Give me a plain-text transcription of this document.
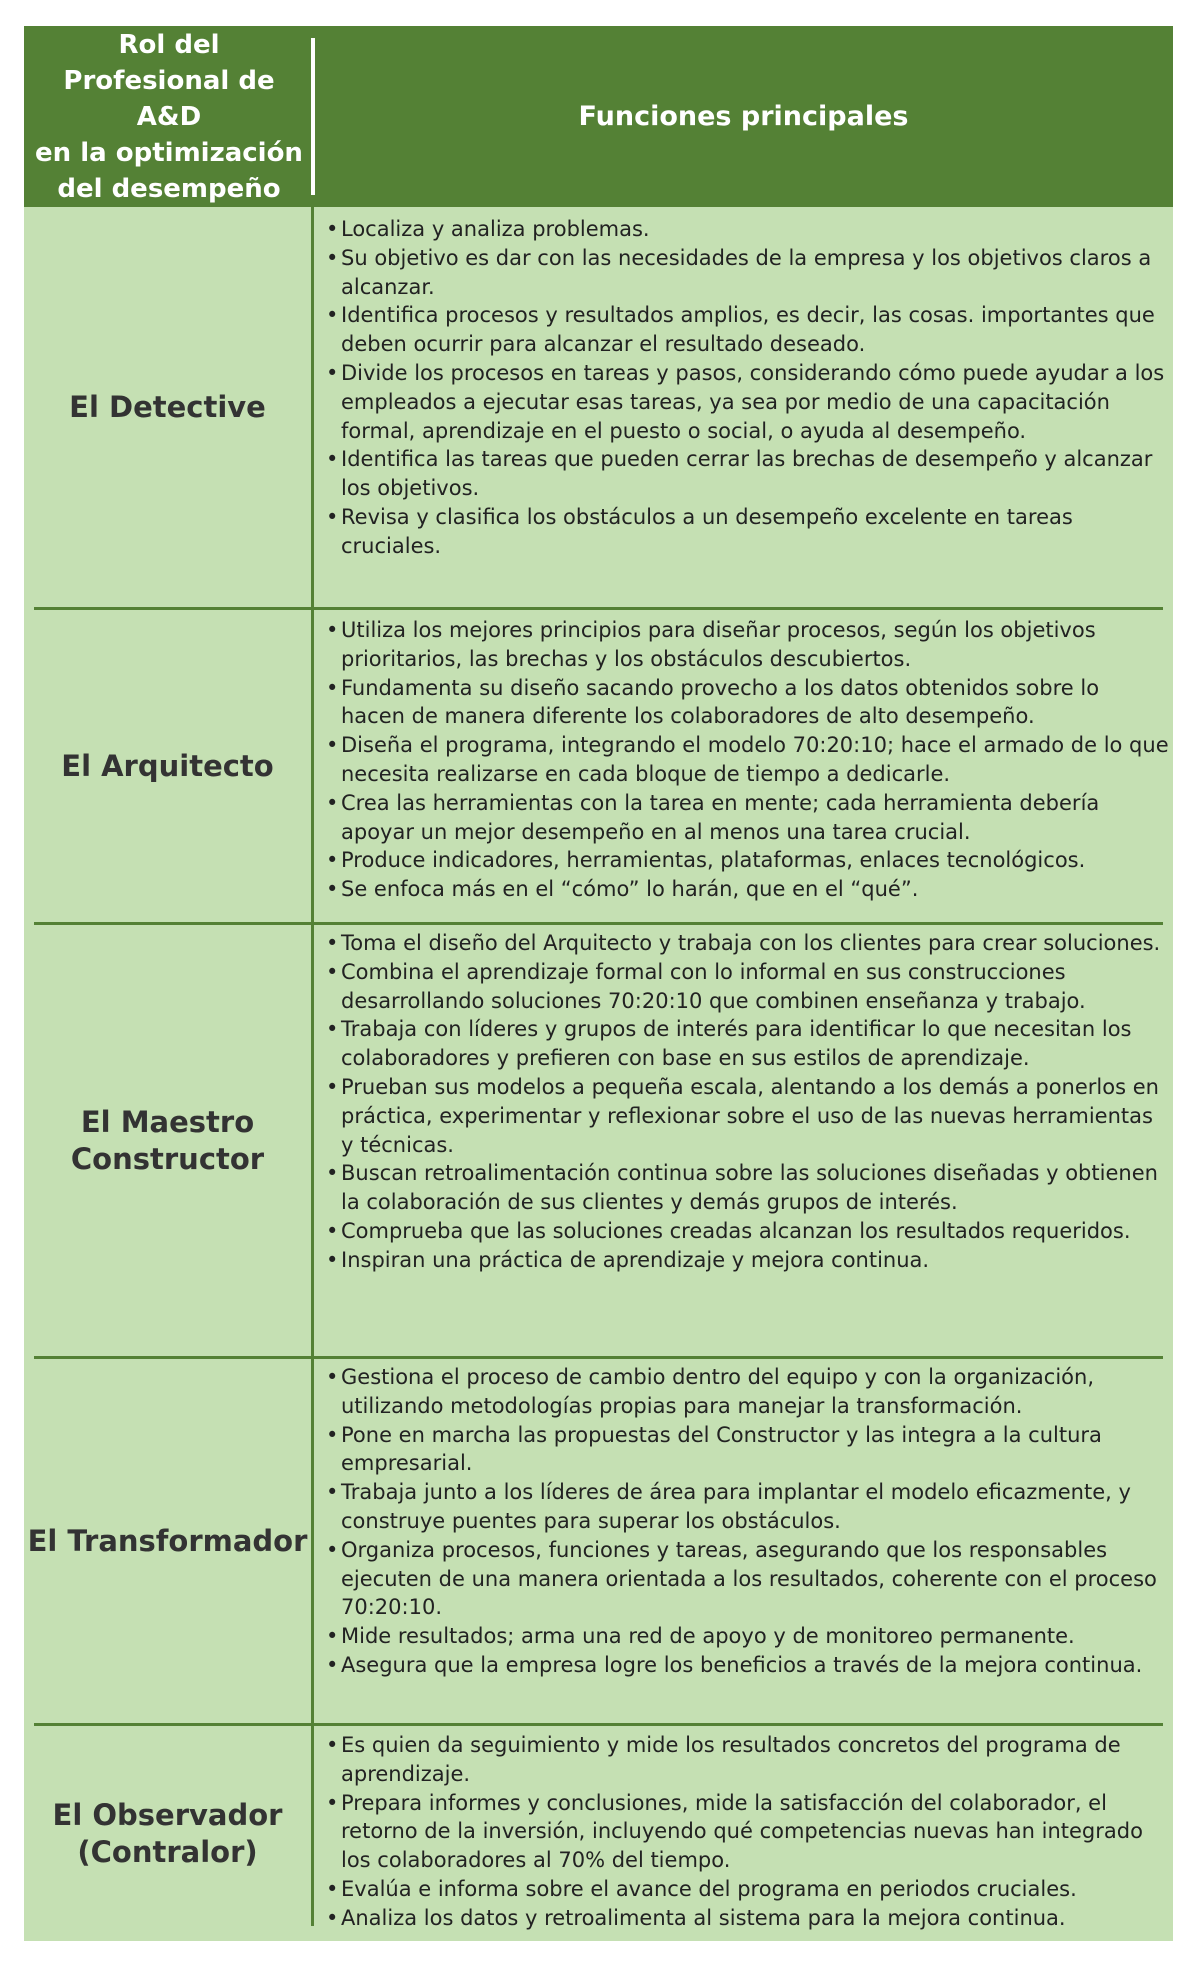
Rol del
Profesional de
A&D
en la optimización
del desempeño
Funciones principales
El Detective
• Localiza y analiza problemas.
• Su objetivo es dar con las necesidades de la empresa y los objetivos claros a alcanzar.
• Identifica procesos y resultados amplios, es decir, las cosas. importantes que deben ocurrir para alcanzar el resultado deseado.
• Divide los procesos en tareas y pasos, considerando cómo puede ayudar a los empleados a ejecutar esas tareas, ya sea por medio de una capacitación formal, aprendizaje en el puesto o social, o ayuda al desempeño.
• Identifica las tareas que pueden cerrar las brechas de desempeño y alcanzar los objetivos.
• Revisa y clasifica los obstáculos a un desempeño excelente en tareas cruciales.
El Arquitecto
• Utiliza los mejores principios para diseñar procesos, según los objetivos prioritarios, las brechas y los obstáculos descubiertos.
• Fundamenta su diseño sacando provecho a los datos obtenidos sobre lo hacen de manera diferente los colaboradores de alto desempeño.
• Diseña el programa, integrando el modelo 70:20:10; hace el armado de lo que necesita realizarse en cada bloque de tiempo a dedicarle.
• Crea las herramientas con la tarea en mente; cada herramienta debería apoyar un mejor desempeño en al menos una tarea crucial.
• Produce indicadores, herramientas, plataformas, enlaces tecnológicos.
• Se enfoca más en el “cómo” lo harán, que en el “qué”.
El Maestro
Constructor
• Toma el diseño del Arquitecto y trabaja con los clientes para crear soluciones.
• Combina el aprendizaje formal con lo informal en sus construcciones desarrollando soluciones 70:20:10 que combinen enseñanza y trabajo.
• Trabaja con líderes y grupos de interés para identificar lo que necesitan los colaboradores y prefieren con base en sus estilos de aprendizaje.
• Prueban sus modelos a pequeña escala, alentando a los demás a ponerlos en práctica, experimentar y reflexionar sobre el uso de las nuevas herramientas y técnicas.
• Buscan retroalimentación continua sobre las soluciones diseñadas y obtienen la colaboración de sus clientes y demás grupos de interés.
• Comprueba que las soluciones creadas alcanzan los resultados requeridos.
• Inspiran una práctica de aprendizaje y mejora continua.
El Transformador
• Gestiona el proceso de cambio dentro del equipo y con la organización, utilizando metodologías propias para manejar la transformación.
• Pone en marcha las propuestas del Constructor y las integra a la cultura empresarial.
• Trabaja junto a los líderes de área para implantar el modelo eficazmente, y construye puentes para superar los obstáculos.
• Organiza procesos, funciones y tareas, asegurando que los responsables ejecuten de una manera orientada a los resultados, coherente con el proceso 70:20:10.
• Mide resultados; arma una red de apoyo y de monitoreo permanente.
• Asegura que la empresa logre los beneficios a través de la mejora continua.
El Observador
(Contralor)
• Es quien da seguimiento y mide los resultados concretos del programa de aprendizaje.
• Prepara informes y conclusiones, mide la satisfacción del colaborador, el retorno de la inversión, incluyendo qué competencias nuevas han integrado los colaboradores al 70% del tiempo.
• Evalúa e informa sobre el avance del programa en periodos cruciales.
• Analiza los datos y retroalimenta al sistema para la mejora continua.
